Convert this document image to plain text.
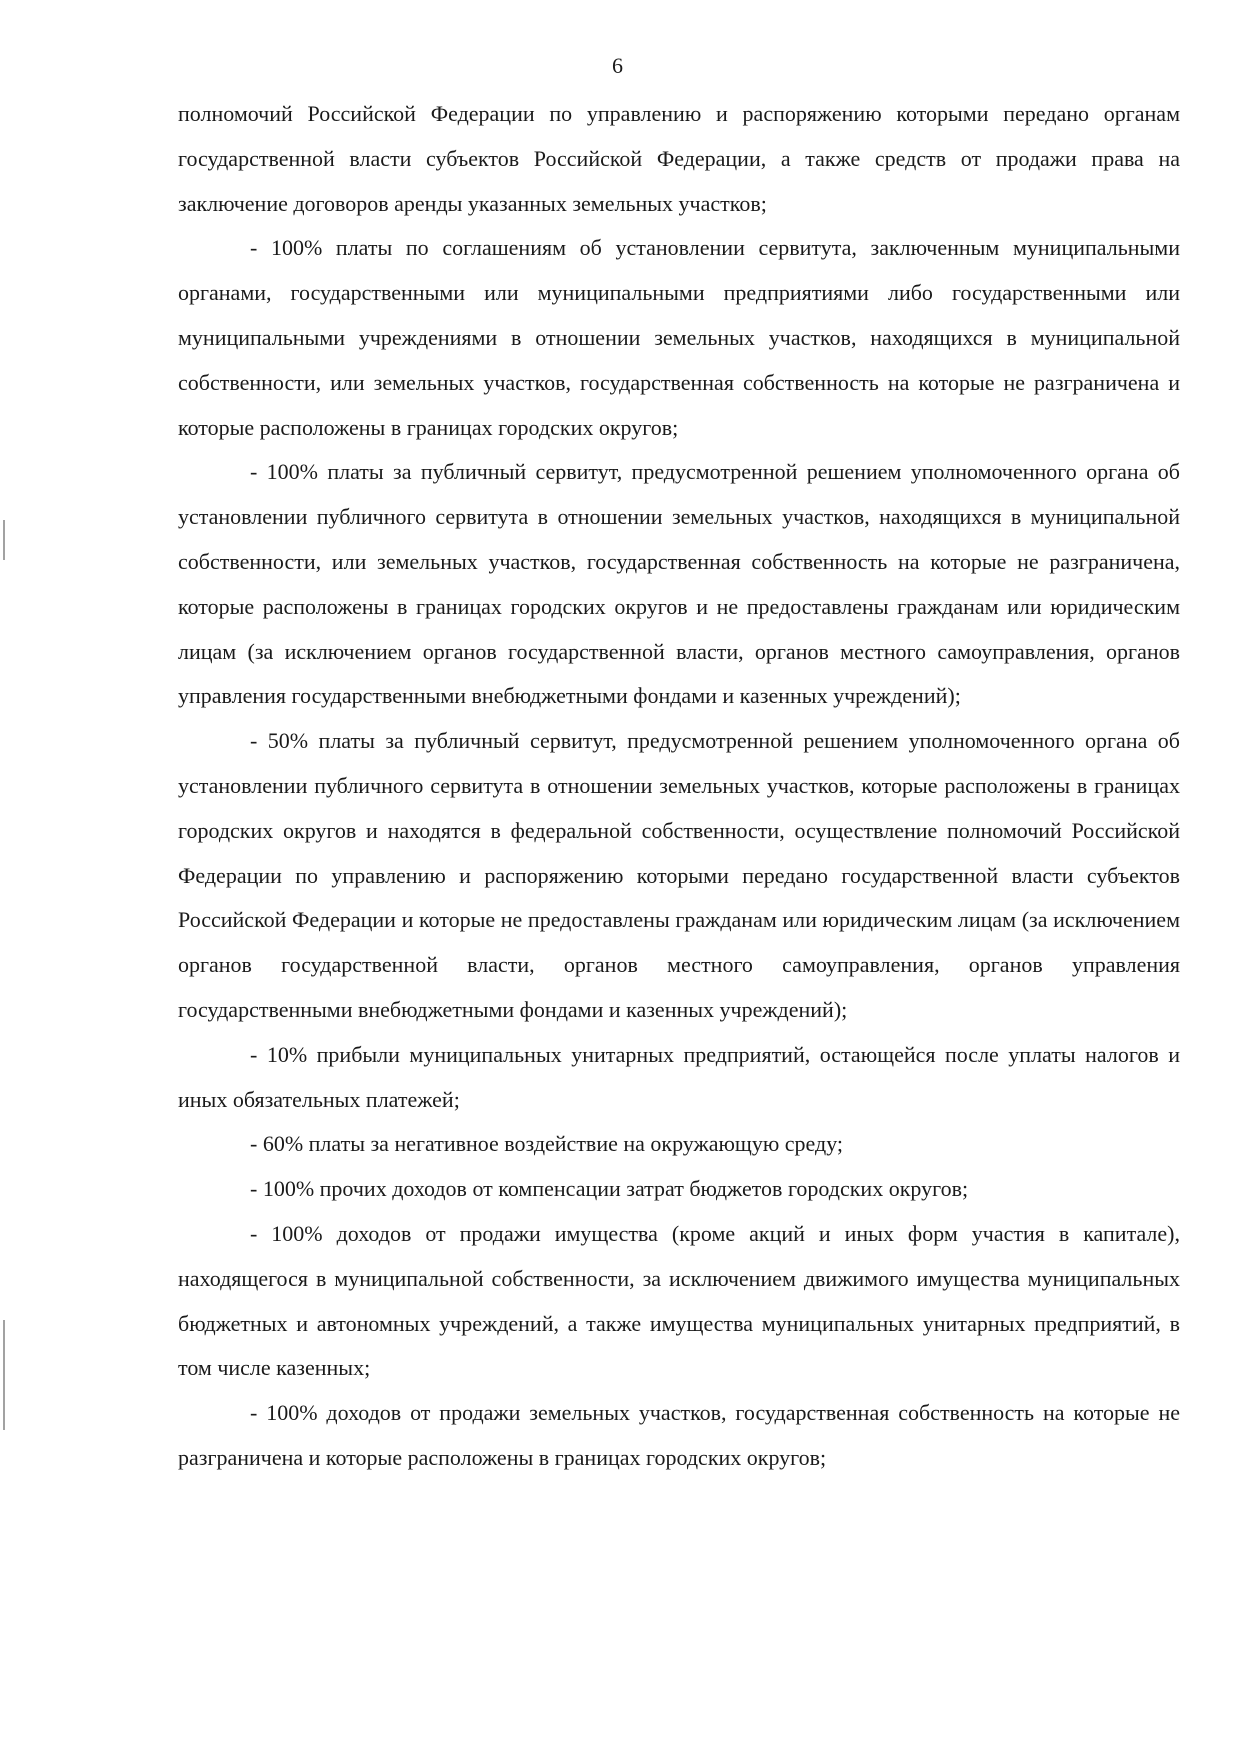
6

полномочий Российской Федерации по управлению и распоряжению которыми передано органам государственной власти субъектов Российской Федерации, а также средств от продажи права на заключение договоров аренды указанных земельных участков;

- 100% платы по соглашениям об установлении сервитута, заключенным муниципальными органами, государственными или муниципальными предприятиями либо государственными или муниципальными учреждениями в отношении земельных участков, находящихся в муниципальной собственности, или земельных участков, государственная собственность на которые не разграничена и которые расположены в границах городских округов;

- 100% платы за публичный сервитут, предусмотренной решением уполномоченного органа об установлении публичного сервитута в отношении земельных участков, находящихся в муниципальной собственности, или земельных участков, государственная собственность на которые не разграничена, которые расположены в границах городских округов и не предоставлены гражданам или юридическим лицам (за исключением органов государственной власти, органов местного самоуправления, органов управления государственными внебюджетными фондами и казенных учреждений);

- 50% платы за публичный сервитут, предусмотренной решением уполномоченного органа об установлении публичного сервитута в отношении земельных участков, которые расположены в границах городских округов и находятся в федеральной собственности, осуществление полномочий Российской Федерации по управлению и распоряжению которыми передано государственной власти субъектов Российской Федерации и которые не предоставлены гражданам или юридическим лицам (за исключением органов государственной власти, органов местного самоуправления, органов управления государственными внебюджетными фондами и казенных учреждений);

- 10% прибыли муниципальных унитарных предприятий, остающейся после уплаты налогов и иных обязательных платежей;

- 60% платы за негативное воздействие на окружающую среду;

- 100% прочих доходов от компенсации затрат бюджетов городских округов;

- 100% доходов от продажи имущества (кроме акций и иных форм участия в капитале), находящегося в муниципальной собственности, за исключением движимого имущества муниципальных бюджетных и автономных учреждений, а также имущества муниципальных унитарных предприятий, в том числе казенных;

- 100% доходов от продажи земельных участков, государственная собственность на которые не разграничена и которые расположены в границах городских округов;
